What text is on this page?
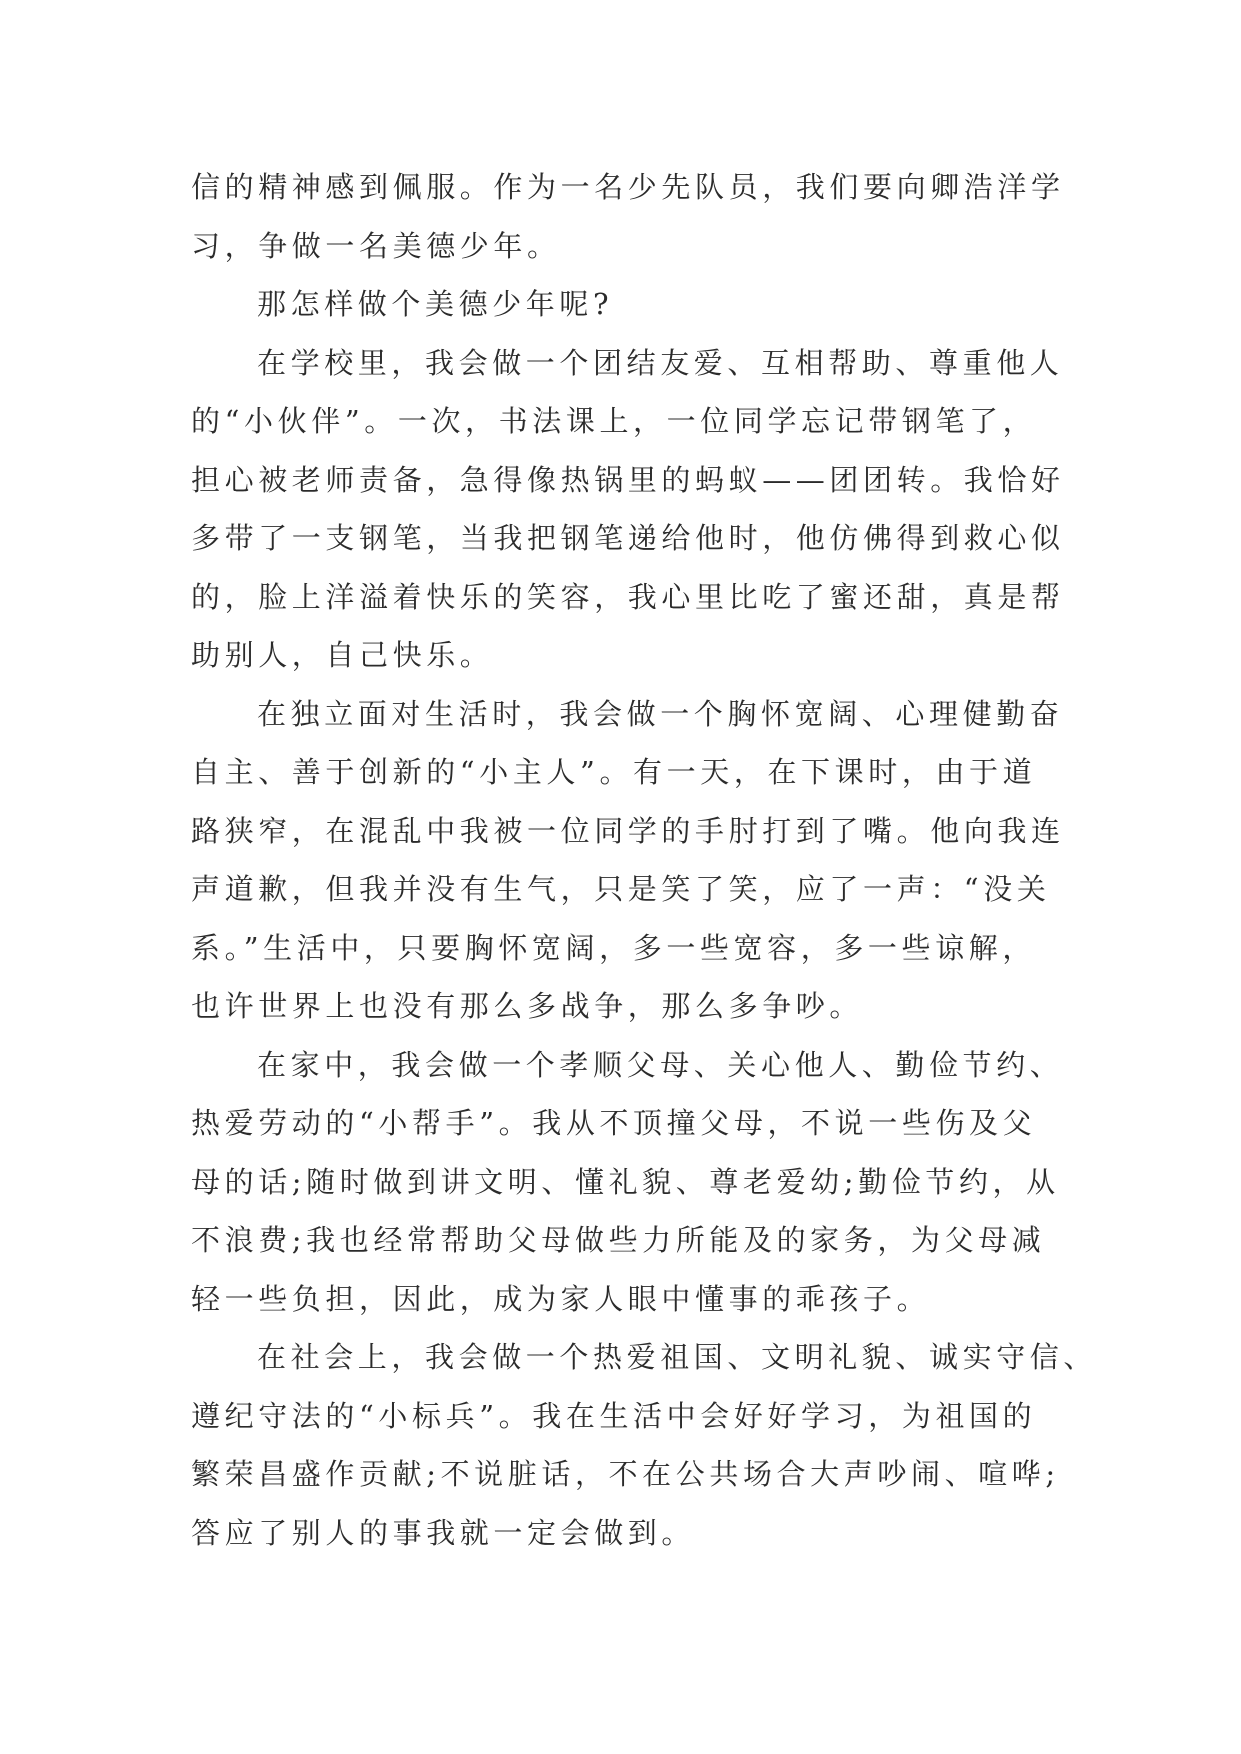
信的精神感到佩服。作为一名少先队员，我们要向卿浩洋学
习，争做一名美德少年。
那怎样做个美德少年呢?
在学校里，我会做一个团结友爱、互相帮助、尊重他人
的“小伙伴”。一次，书法课上，一位同学忘记带钢笔了，
担心被老师责备，急得像热锅里的蚂蚁——团团转。我恰好
多带了一支钢笔，当我把钢笔递给他时，他仿佛得到救心似
的，脸上洋溢着快乐的笑容，我心里比吃了蜜还甜，真是帮
助别人，自己快乐。
在独立面对生活时，我会做一个胸怀宽阔、心理健勤奋
自主、善于创新的“小主人”。有一天，在下课时，由于道
路狭窄，在混乱中我被一位同学的手肘打到了嘴。他向我连
声道歉，但我并没有生气，只是笑了笑，应了一声：“没关
系。”生活中，只要胸怀宽阔，多一些宽容，多一些谅解，
也许世界上也没有那么多战争，那么多争吵。
在家中，我会做一个孝顺父母、关心他人、勤俭节约、
热爱劳动的“小帮手”。我从不顶撞父母，不说一些伤及父
母的话;随时做到讲文明、懂礼貌、尊老爱幼;勤俭节约，从
不浪费;我也经常帮助父母做些力所能及的家务，为父母减
轻一些负担，因此，成为家人眼中懂事的乖孩子。
在社会上，我会做一个热爱祖国、文明礼貌、诚实守信、
遵纪守法的“小标兵”。我在生活中会好好学习，为祖国的
繁荣昌盛作贡献;不说脏话，不在公共场合大声吵闹、喧哗;
答应了别人的事我就一定会做到。
